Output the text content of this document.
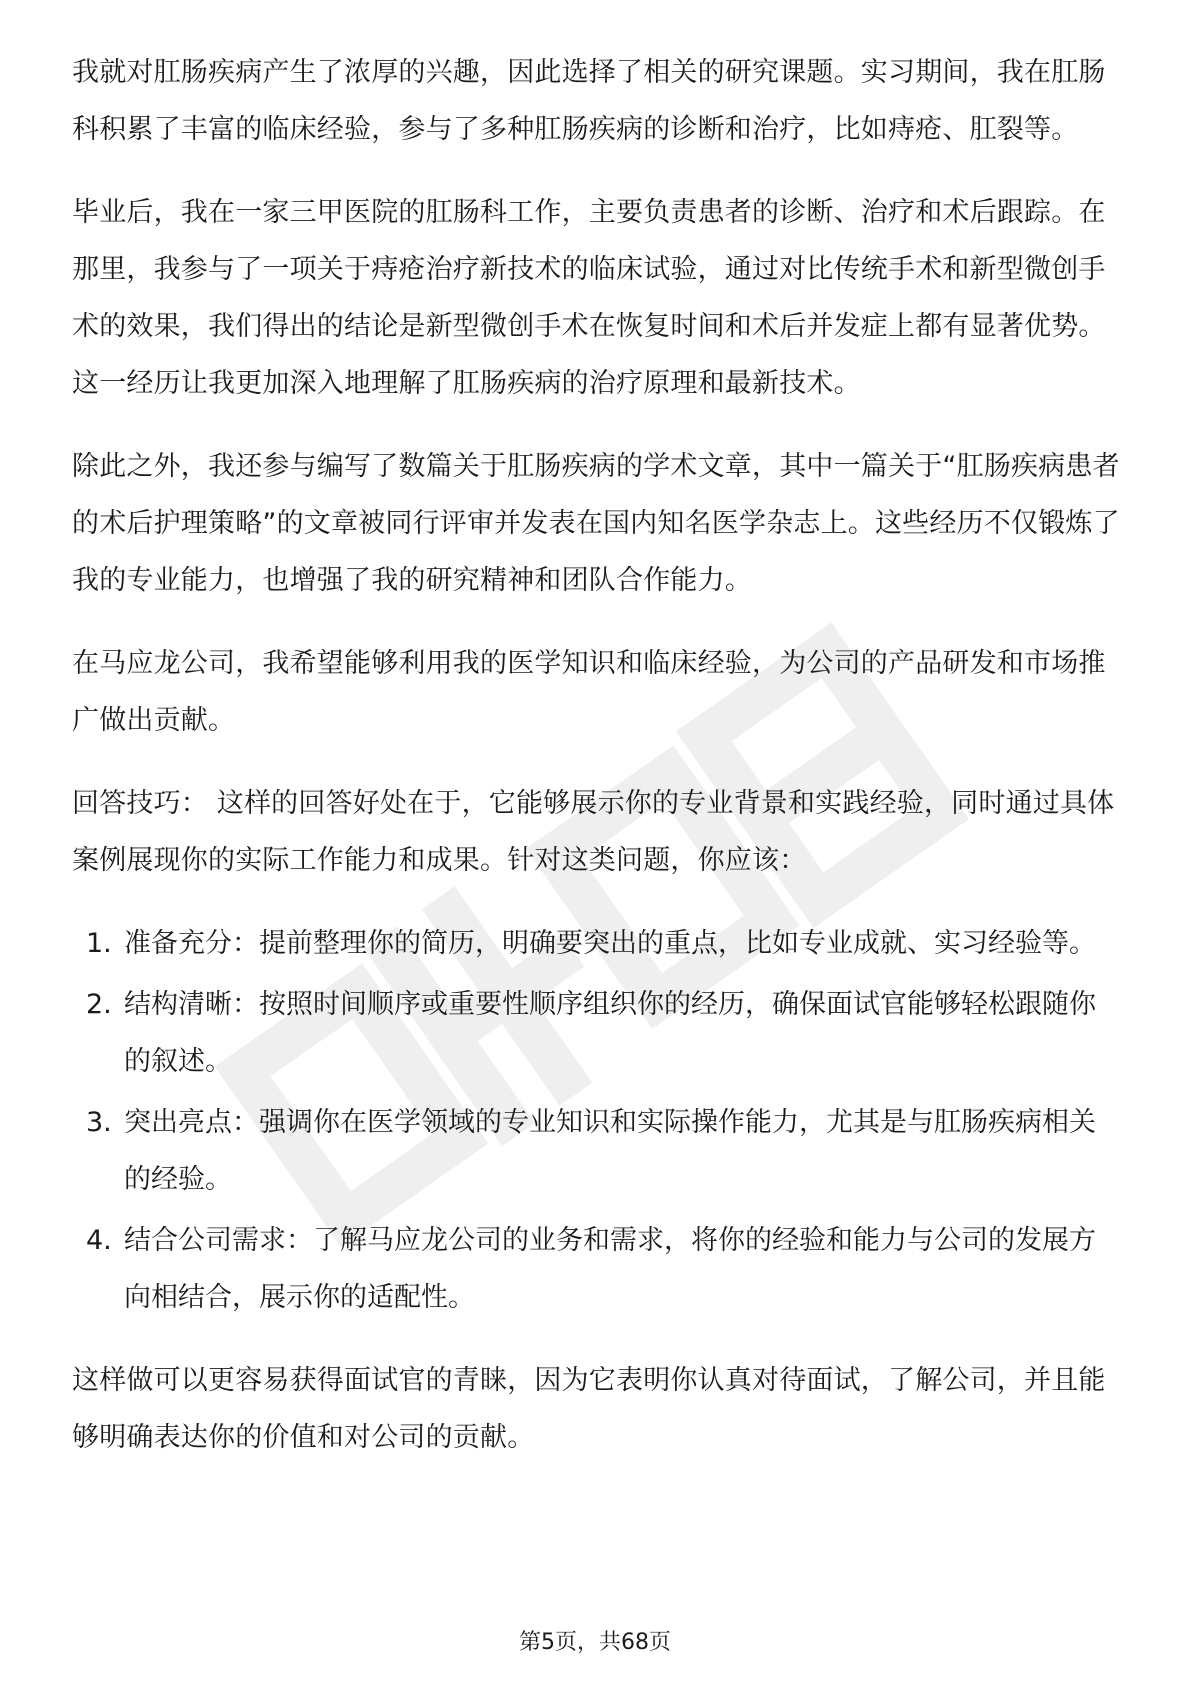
我就对肛肠疾病产生了浓厚的兴趣，因此选择了相关的研究课题。实习期间，我在肛肠科积累了丰富的临床经验，参与了多种肛肠疾病的诊断和治疗，比如痔疮、肛裂等。

毕业后，我在一家三甲医院的肛肠科工作，主要负责患者的诊断、治疗和术后跟踪。在那里，我参与了一项关于痔疮治疗新技术的临床试验，通过对比传统手术和新型微创手术的效果，我们得出的结论是新型微创手术在恢复时间和术后并发症上都有显著优势。这一经历让我更加深入地理解了肛肠疾病的治疗原理和最新技术。

除此之外，我还参与编写了数篇关于肛肠疾病的学术文章，其中一篇关于“肛肠疾病患者的术后护理策略”的文章被同行评审并发表在国内知名医学杂志上。这些经历不仅锻炼了我的专业能力，也增强了我的研究精神和团队合作能力。

在马应龙公司，我希望能够利用我的医学知识和临床经验，为公司的产品研发和市场推广做出贡献。

回答技巧： 这样的回答好处在于，它能够展示你的专业背景和实践经验，同时通过具体案例展现你的实际工作能力和成果。针对这类问题，你应该：

1. 准备充分：提前整理你的简历，明确要突出的重点，比如专业成就、实习经验等。
2. 结构清晰：按照时间顺序或重要性顺序组织你的经历，确保面试官能够轻松跟随你的叙述。
3. 突出亮点：强调你在医学领域的专业知识和实际操作能力，尤其是与肛肠疾病相关的经验。
4. 结合公司需求：了解马应龙公司的业务和需求，将你的经验和能力与公司的发展方向相结合，展示你的适配性。

这样做可以更容易获得面试官的青睐，因为它表明你认真对待面试，了解公司，并且能够明确表达你的价值和对公司的贡献。

第5页，共68页
